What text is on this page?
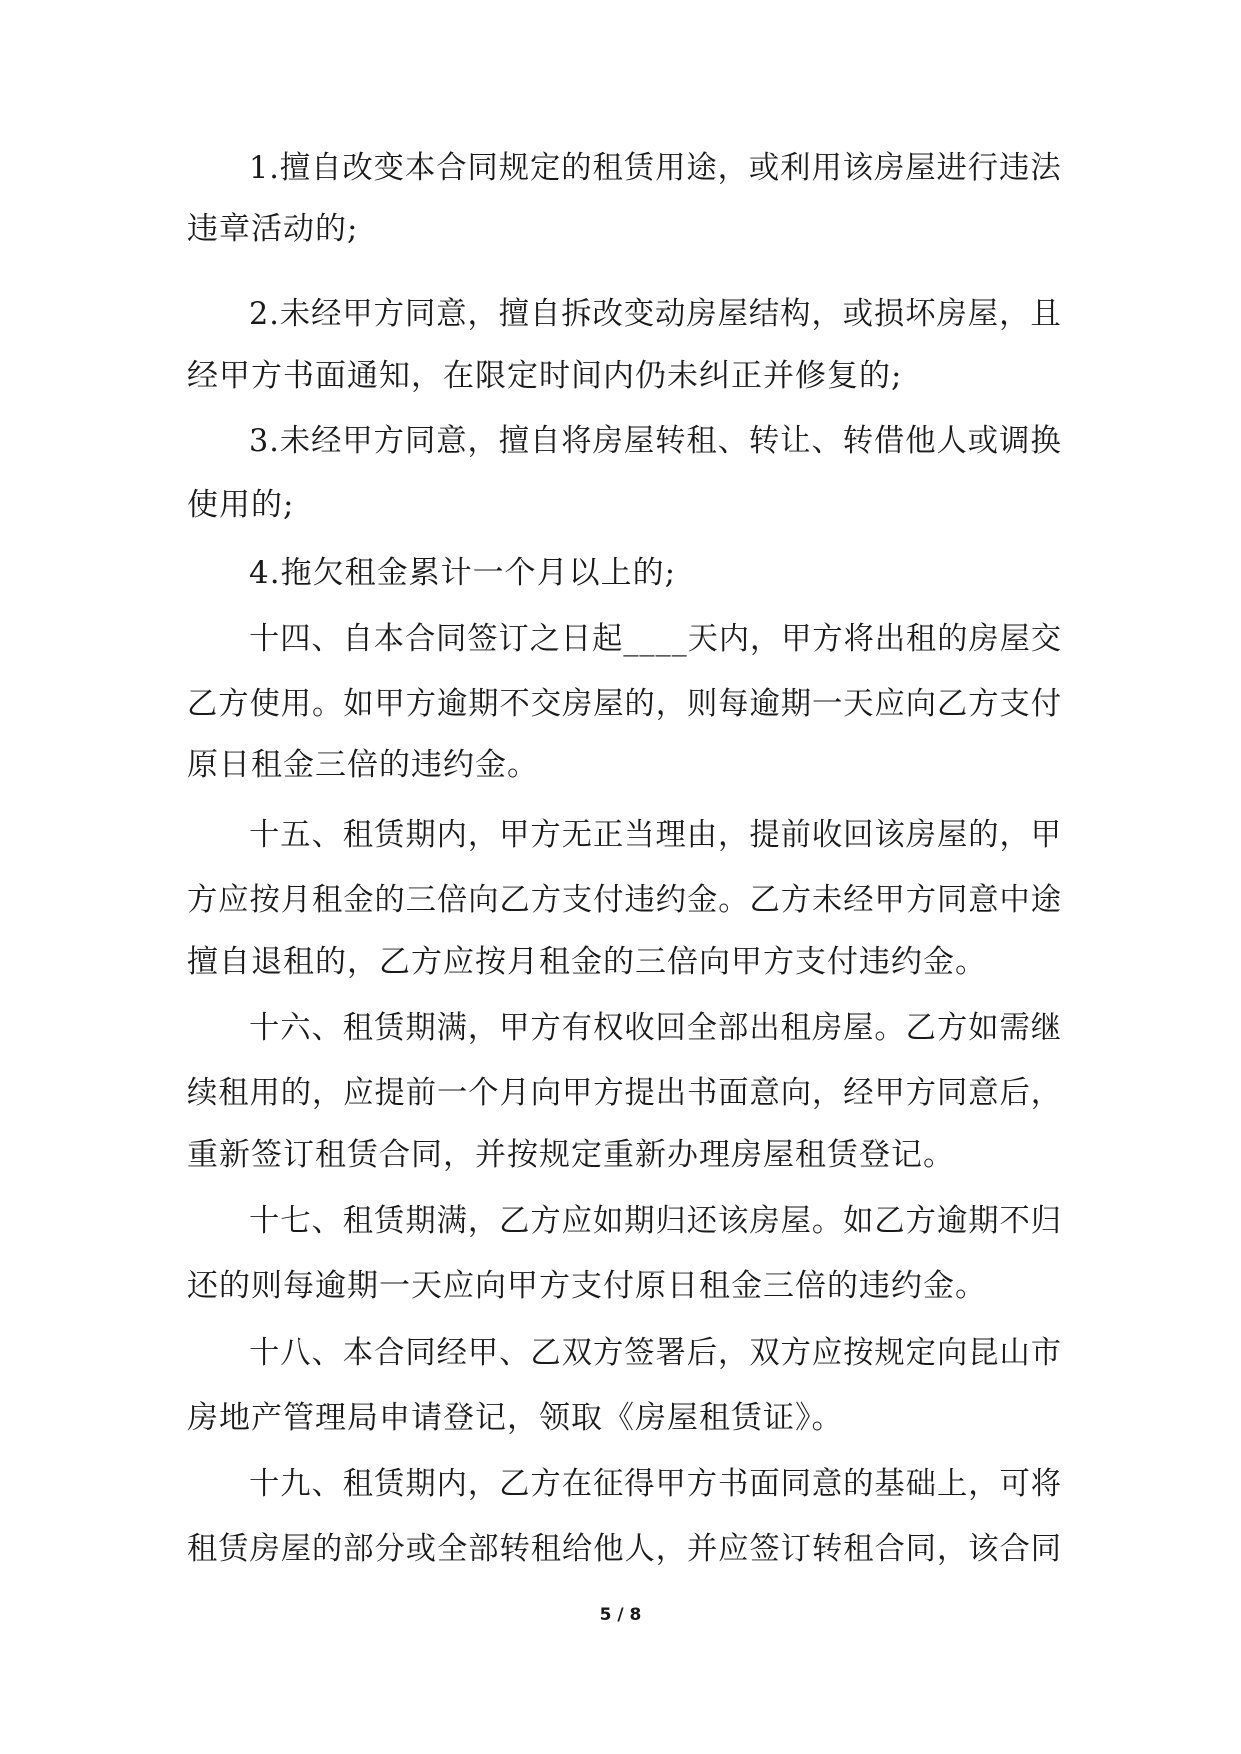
1.擅自改变本合同规定的租赁用途，或利用该房屋进行违法
违章活动的;
2.未经甲方同意，擅自拆改变动房屋结构，或损坏房屋，且
经甲方书面通知，在限定时间内仍未纠正并修复的;
3.未经甲方同意，擅自将房屋转租、转让、转借他人或调换
使用的;
4.拖欠租金累计一个月以上的;
十四、自本合同签订之日起____天内，甲方将出租的房屋交
乙方使用。如甲方逾期不交房屋的，则每逾期一天应向乙方支付
原日租金三倍的违约金。
十五、租赁期内，甲方无正当理由，提前收回该房屋的，甲
方应按月租金的三倍向乙方支付违约金。乙方未经甲方同意中途
擅自退租的，乙方应按月租金的三倍向甲方支付违约金。
十六、租赁期满，甲方有权收回全部出租房屋。乙方如需继
续租用的，应提前一个月向甲方提出书面意向，经甲方同意后，
重新签订租赁合同，并按规定重新办理房屋租赁登记。
十七、租赁期满，乙方应如期归还该房屋。如乙方逾期不归
还的则每逾期一天应向甲方支付原日租金三倍的违约金。
十八、本合同经甲、乙双方签署后，双方应按规定向昆山市
房地产管理局申请登记，领取《房屋租赁证》。
十九、租赁期内，乙方在征得甲方书面同意的基础上，可将
租赁房屋的部分或全部转租给他人，并应签订转租合同，该合同
5 / 8
